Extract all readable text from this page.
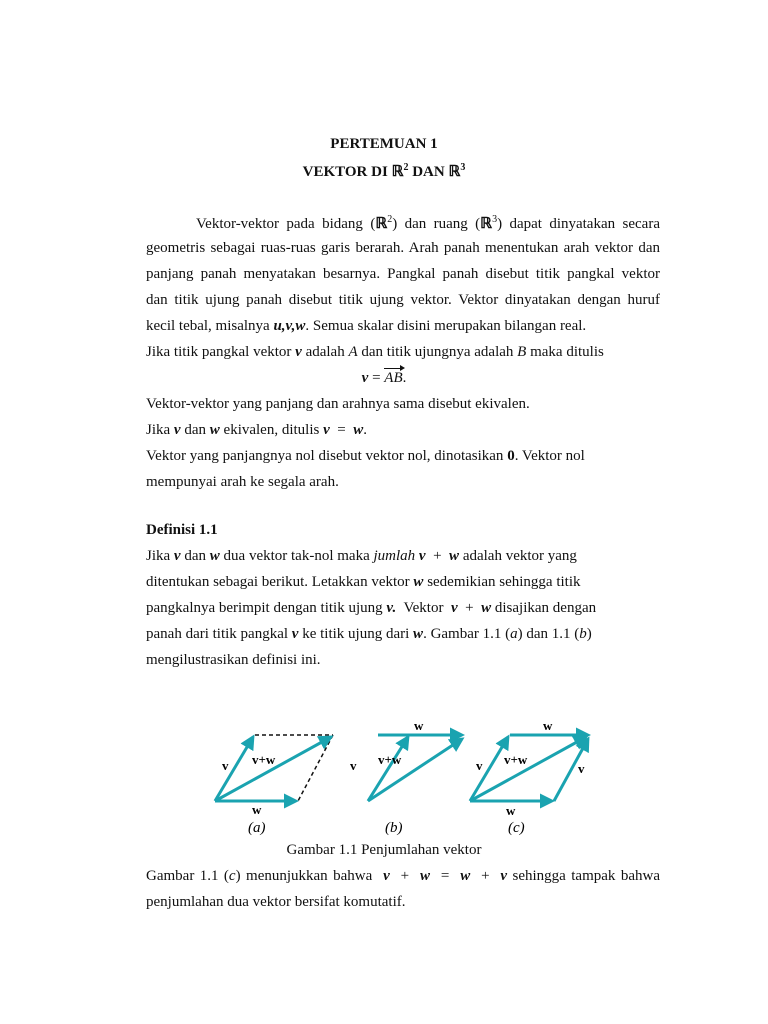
PERTEMUAN 1
VEKTOR DI ℝ$^2$ DAN ℝ$^3$
Vektor-vektor pada bidang (ℝ$^2$) dan ruang (ℝ$^3$) dapat dinyatakan secara
geometris sebagai ruas-ruas garis berarah. Arah panah menentukan arah vektor dan
panjang panah menyatakan besarnya. Pangkal panah disebut titik pangkal vektor
dan titik ujung panah disebut titik ujung vektor. Vektor dinyatakan dengan huruf
kecil tebal, misalnya u,v,w. Semua skalar disini merupakan bilangan real.
Jika titik pangkal vektor v adalah A dan titik ujungnya adalah B maka ditulis
v = AB.
Vektor-vektor yang panjang dan arahnya sama disebut ekivalen.
Jika v dan w ekivalen, ditulis v  =  w.
Vektor yang panjangnya nol disebut vektor nol, dinotasikan 0. Vektor nol
mempunyai arah ke segala arah.
Definisi 1.1
Jika v dan w dua vektor tak-nol maka jumlah v  +  w adalah vektor yang
ditentukan sebagai berikut. Letakkan vektor w sedemikian sehingga titik
pangkalnya berimpit dengan titik ujung v.  Vektor  v  +  w disajikan dengan
panah dari titik pangkal v ke titik ujung dari w. Gambar 1.1 (a) dan 1.1 (b)
mengilustrasikan definisi ini.
v v+w
w
(a)
w
v v+w
(b)
w
v v+w
v
w
(c)
Gambar 1.1 Penjumlahan vektor
Gambar 1.1 (c) menunjukkan bahwa  v  +  w  =  w  +  v sehingga tampak bahwa
penjumlahan dua vektor bersifat komutatif.
